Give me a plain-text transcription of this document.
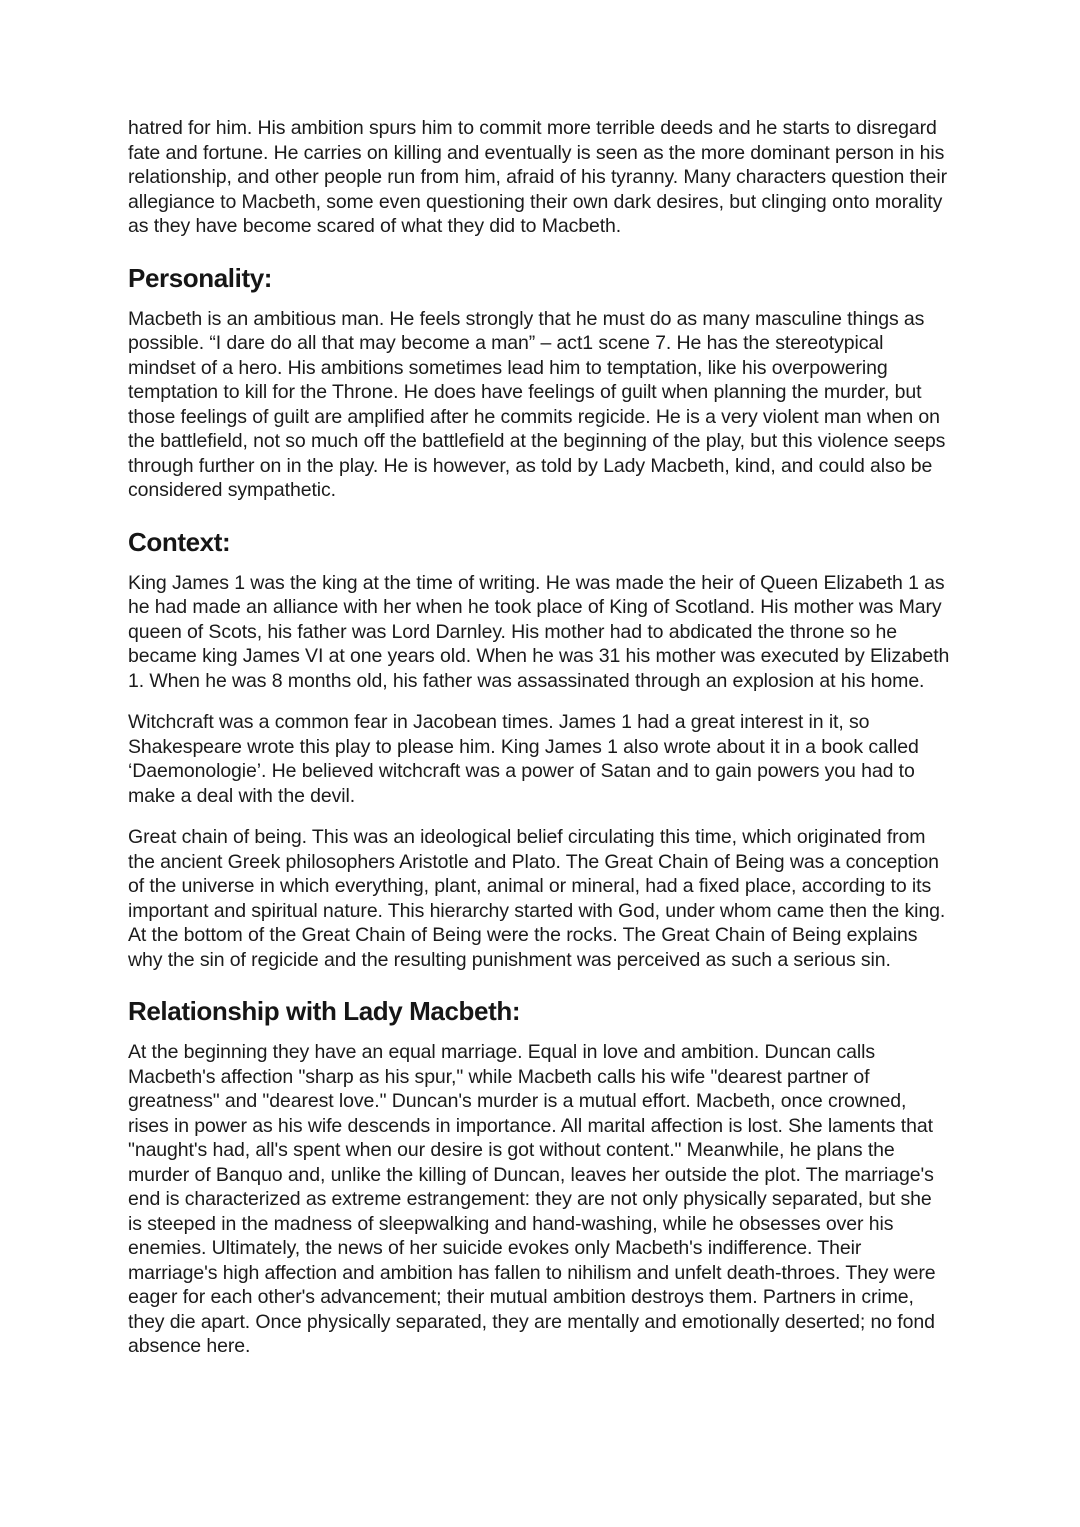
hatred for him. His ambition spurs him to commit more terrible deeds and he starts to disregard fate and fortune. He carries on killing and eventually is seen as the more dominant person in his relationship, and other people run from him, afraid of his tyranny. Many characters question their allegiance to Macbeth, some even questioning their own dark desires, but clinging onto morality as they have become scared of what they did to Macbeth.

Personality:

Macbeth is an ambitious man. He feels strongly that he must do as many masculine things as possible. “I dare do all that may become a man” – act1 scene 7. He has the stereotypical mindset of a hero. His ambitions sometimes lead him to temptation, like his overpowering temptation to kill for the Throne. He does have feelings of guilt when planning the murder, but those feelings of guilt are amplified after he commits regicide. He is a very violent man when on the battlefield, not so much off the battlefield at the beginning of the play, but this violence seeps through further on in the play. He is however, as told by Lady Macbeth, kind, and could also be considered sympathetic.

Context:

King James 1 was the king at the time of writing. He was made the heir of Queen Elizabeth 1 as he had made an alliance with her when he took place of King of Scotland. His mother was Mary queen of Scots, his father was Lord Darnley. His mother had to abdicated the throne so he became king James VI at one years old. When he was 31 his mother was executed by Elizabeth 1. When he was 8 months old, his father was assassinated through an explosion at his home.

Witchcraft was a common fear in Jacobean times. James 1 had a great interest in it, so Shakespeare wrote this play to please him. King James 1 also wrote about it in a book called ‘Daemonologie’. He believed witchcraft was a power of Satan and to gain powers you had to make a deal with the devil.

Great chain of being. This was an ideological belief circulating this time, which originated from the ancient Greek philosophers Aristotle and Plato. The Great Chain of Being was a conception of the universe in which everything, plant, animal or mineral, had a fixed place, according to its important and spiritual nature. This hierarchy started with God, under whom came then the king. At the bottom of the Great Chain of Being were the rocks. The Great Chain of Being explains why the sin of regicide and the resulting punishment was perceived as such a serious sin.

Relationship with Lady Macbeth:

At the beginning they have an equal marriage. Equal in love and ambition. Duncan calls Macbeth's affection "sharp as his spur," while Macbeth calls his wife "dearest partner of greatness" and "dearest love." Duncan's murder is a mutual effort. Macbeth, once crowned, rises in power as his wife descends in importance. All marital affection is lost. She laments that "naught's had, all's spent when our desire is got without content." Meanwhile, he plans the murder of Banquo and, unlike the killing of Duncan, leaves her outside the plot. The marriage's end is characterized as extreme estrangement: they are not only physically separated, but she is steeped in the madness of sleepwalking and hand-washing, while he obsesses over his enemies. Ultimately, the news of her suicide evokes only Macbeth's indifference. Their marriage's high affection and ambition has fallen to nihilism and unfelt death-throes. They were eager for each other's advancement; their mutual ambition destroys them. Partners in crime, they die apart. Once physically separated, they are mentally and emotionally deserted; no fond absence here.
